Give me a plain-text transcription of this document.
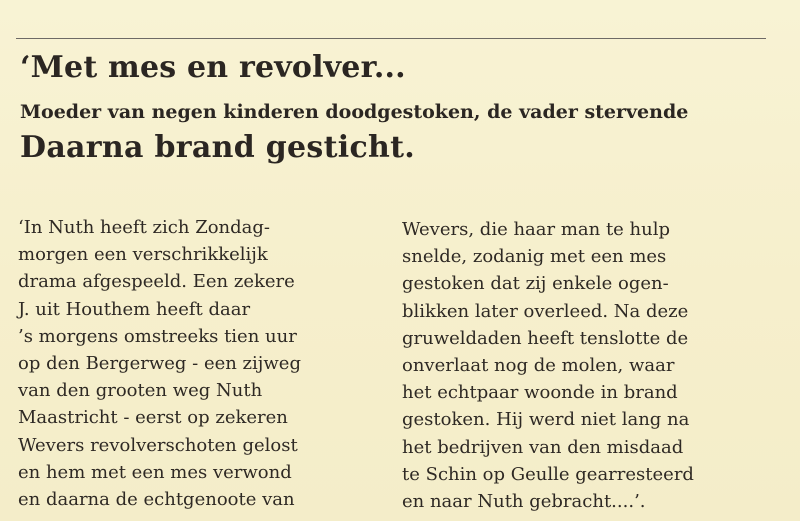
‘Met mes en revolver...
Moeder van negen kinderen doodgestoken, de vader stervende
Daarna brand gesticht.
‘In Nuth heeft zich Zondag-
morgen een verschrikkelijk
drama afgespeeld. Een zekere
J. uit Houthem heeft daar
’s morgens omstreeks tien uur
op den Bergerweg - een zijweg
van den grooten weg Nuth
Maastricht - eerst op zekeren
Wevers revolverschoten gelost
en hem met een mes verwond
en daarna de echtgenoote van
Wevers, die haar man te hulp
snelde, zodanig met een mes
gestoken dat zij enkele ogen-
blikken later overleed. Na deze
gruweldaden heeft tenslotte de
onverlaat nog de molen, waar
het echtpaar woonde in brand
gestoken. Hij werd niet lang na
het bedrijven van den misdaad
te Schin op Geulle gearresteerd
en naar Nuth gebracht....’.
